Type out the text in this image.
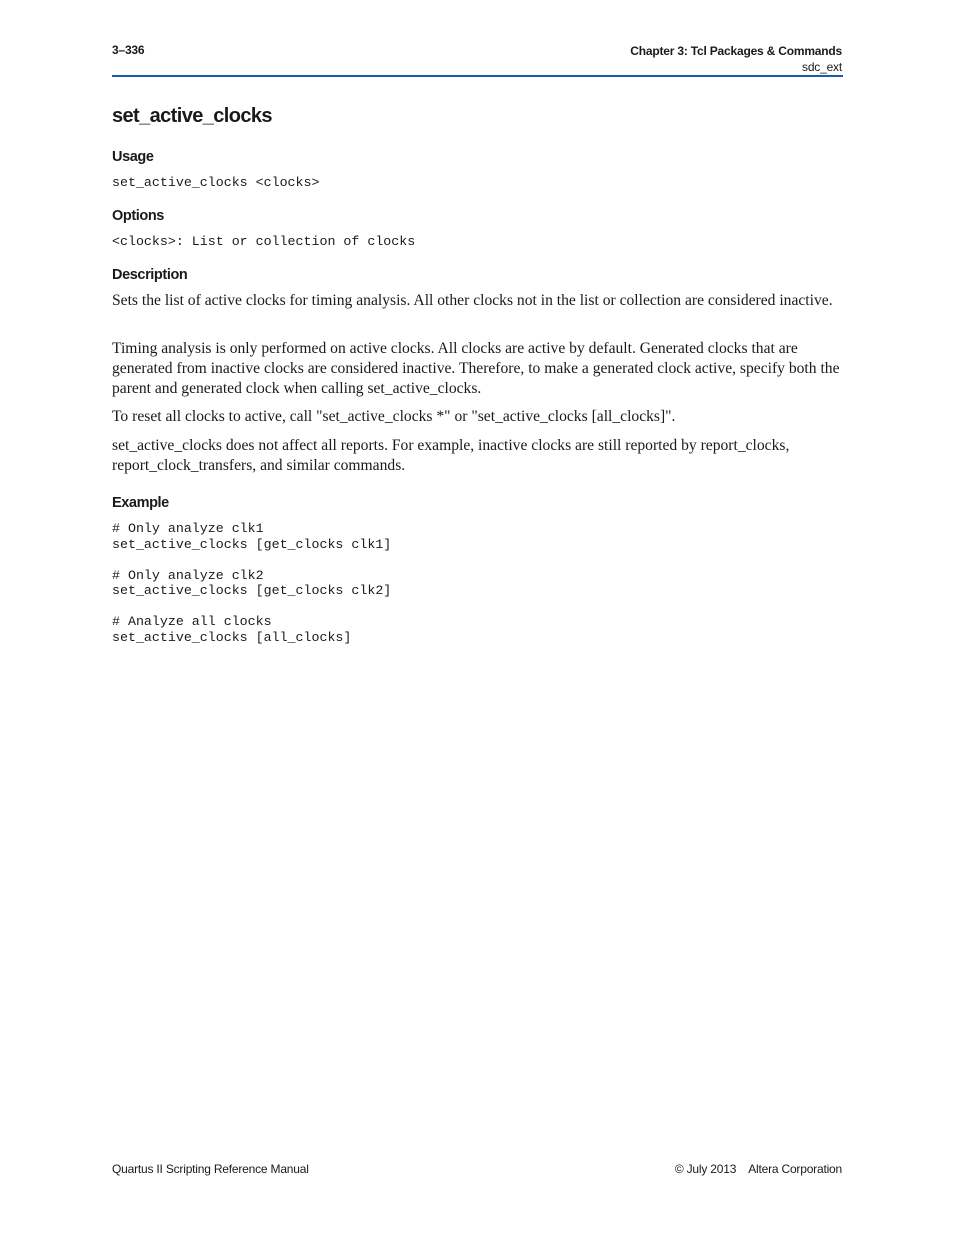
3–336	Chapter 3: Tcl Packages & Commands
sdc_ext
set_active_clocks
Usage
set_active_clocks <clocks>
Options
<clocks>: List or collection of clocks
Description

Sets the list of active clocks for timing analysis. All other clocks not in the list or collection are considered inactive.

Timing analysis is only performed on active clocks. All clocks are active by default. Generated clocks that are generated from inactive clocks are considered inactive. Therefore, to make a generated clock active, specify both the parent and generated clock when calling set_active_clocks.

To reset all clocks to active, call "set_active_clocks *" or "set_active_clocks [all_clocks]".

set_active_clocks does not affect all reports. For example, inactive clocks are still reported by report_clocks, report_clock_transfers, and similar commands.

Example
# Only analyze clk1
set_active_clocks [get_clocks clk1]

# Only analyze clk2
set_active_clocks [get_clocks clk2]

# Analyze all clocks
set_active_clocks [all_clocks]
Quartus II Scripting Reference Manual	© July 2013 Altera Corporation
